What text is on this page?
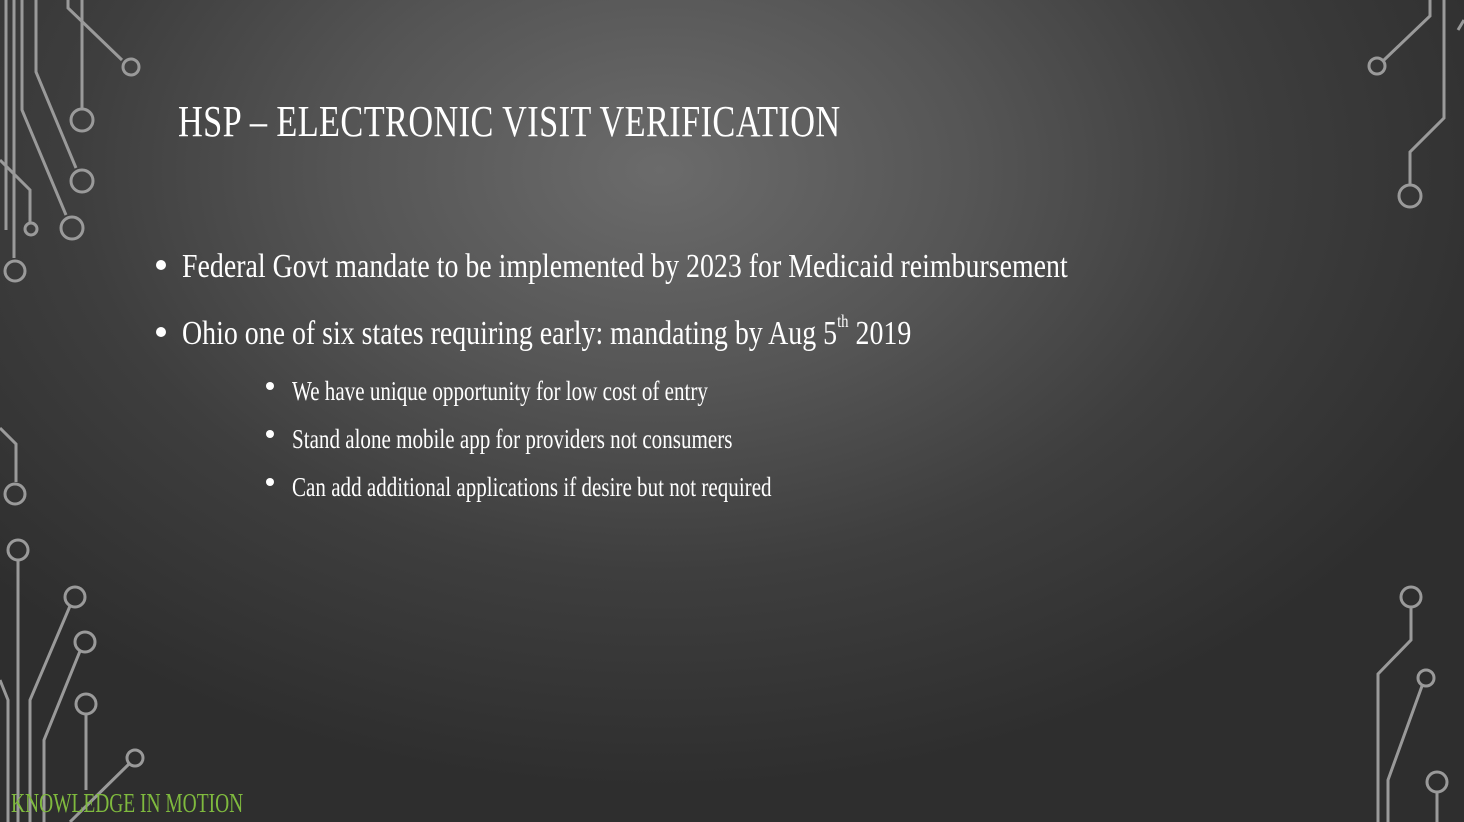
HSP – ELECTRONIC VISIT VERIFICATION
Federal Govt mandate to be implemented by 2023 for Medicaid reimbursement
Ohio one of six states requiring early: mandating by Aug 5th 2019
We have unique opportunity for low cost of entry
Stand alone mobile app for providers not consumers
Can add additional applications if desire but not required
KNOWLEDGE IN MOTION
